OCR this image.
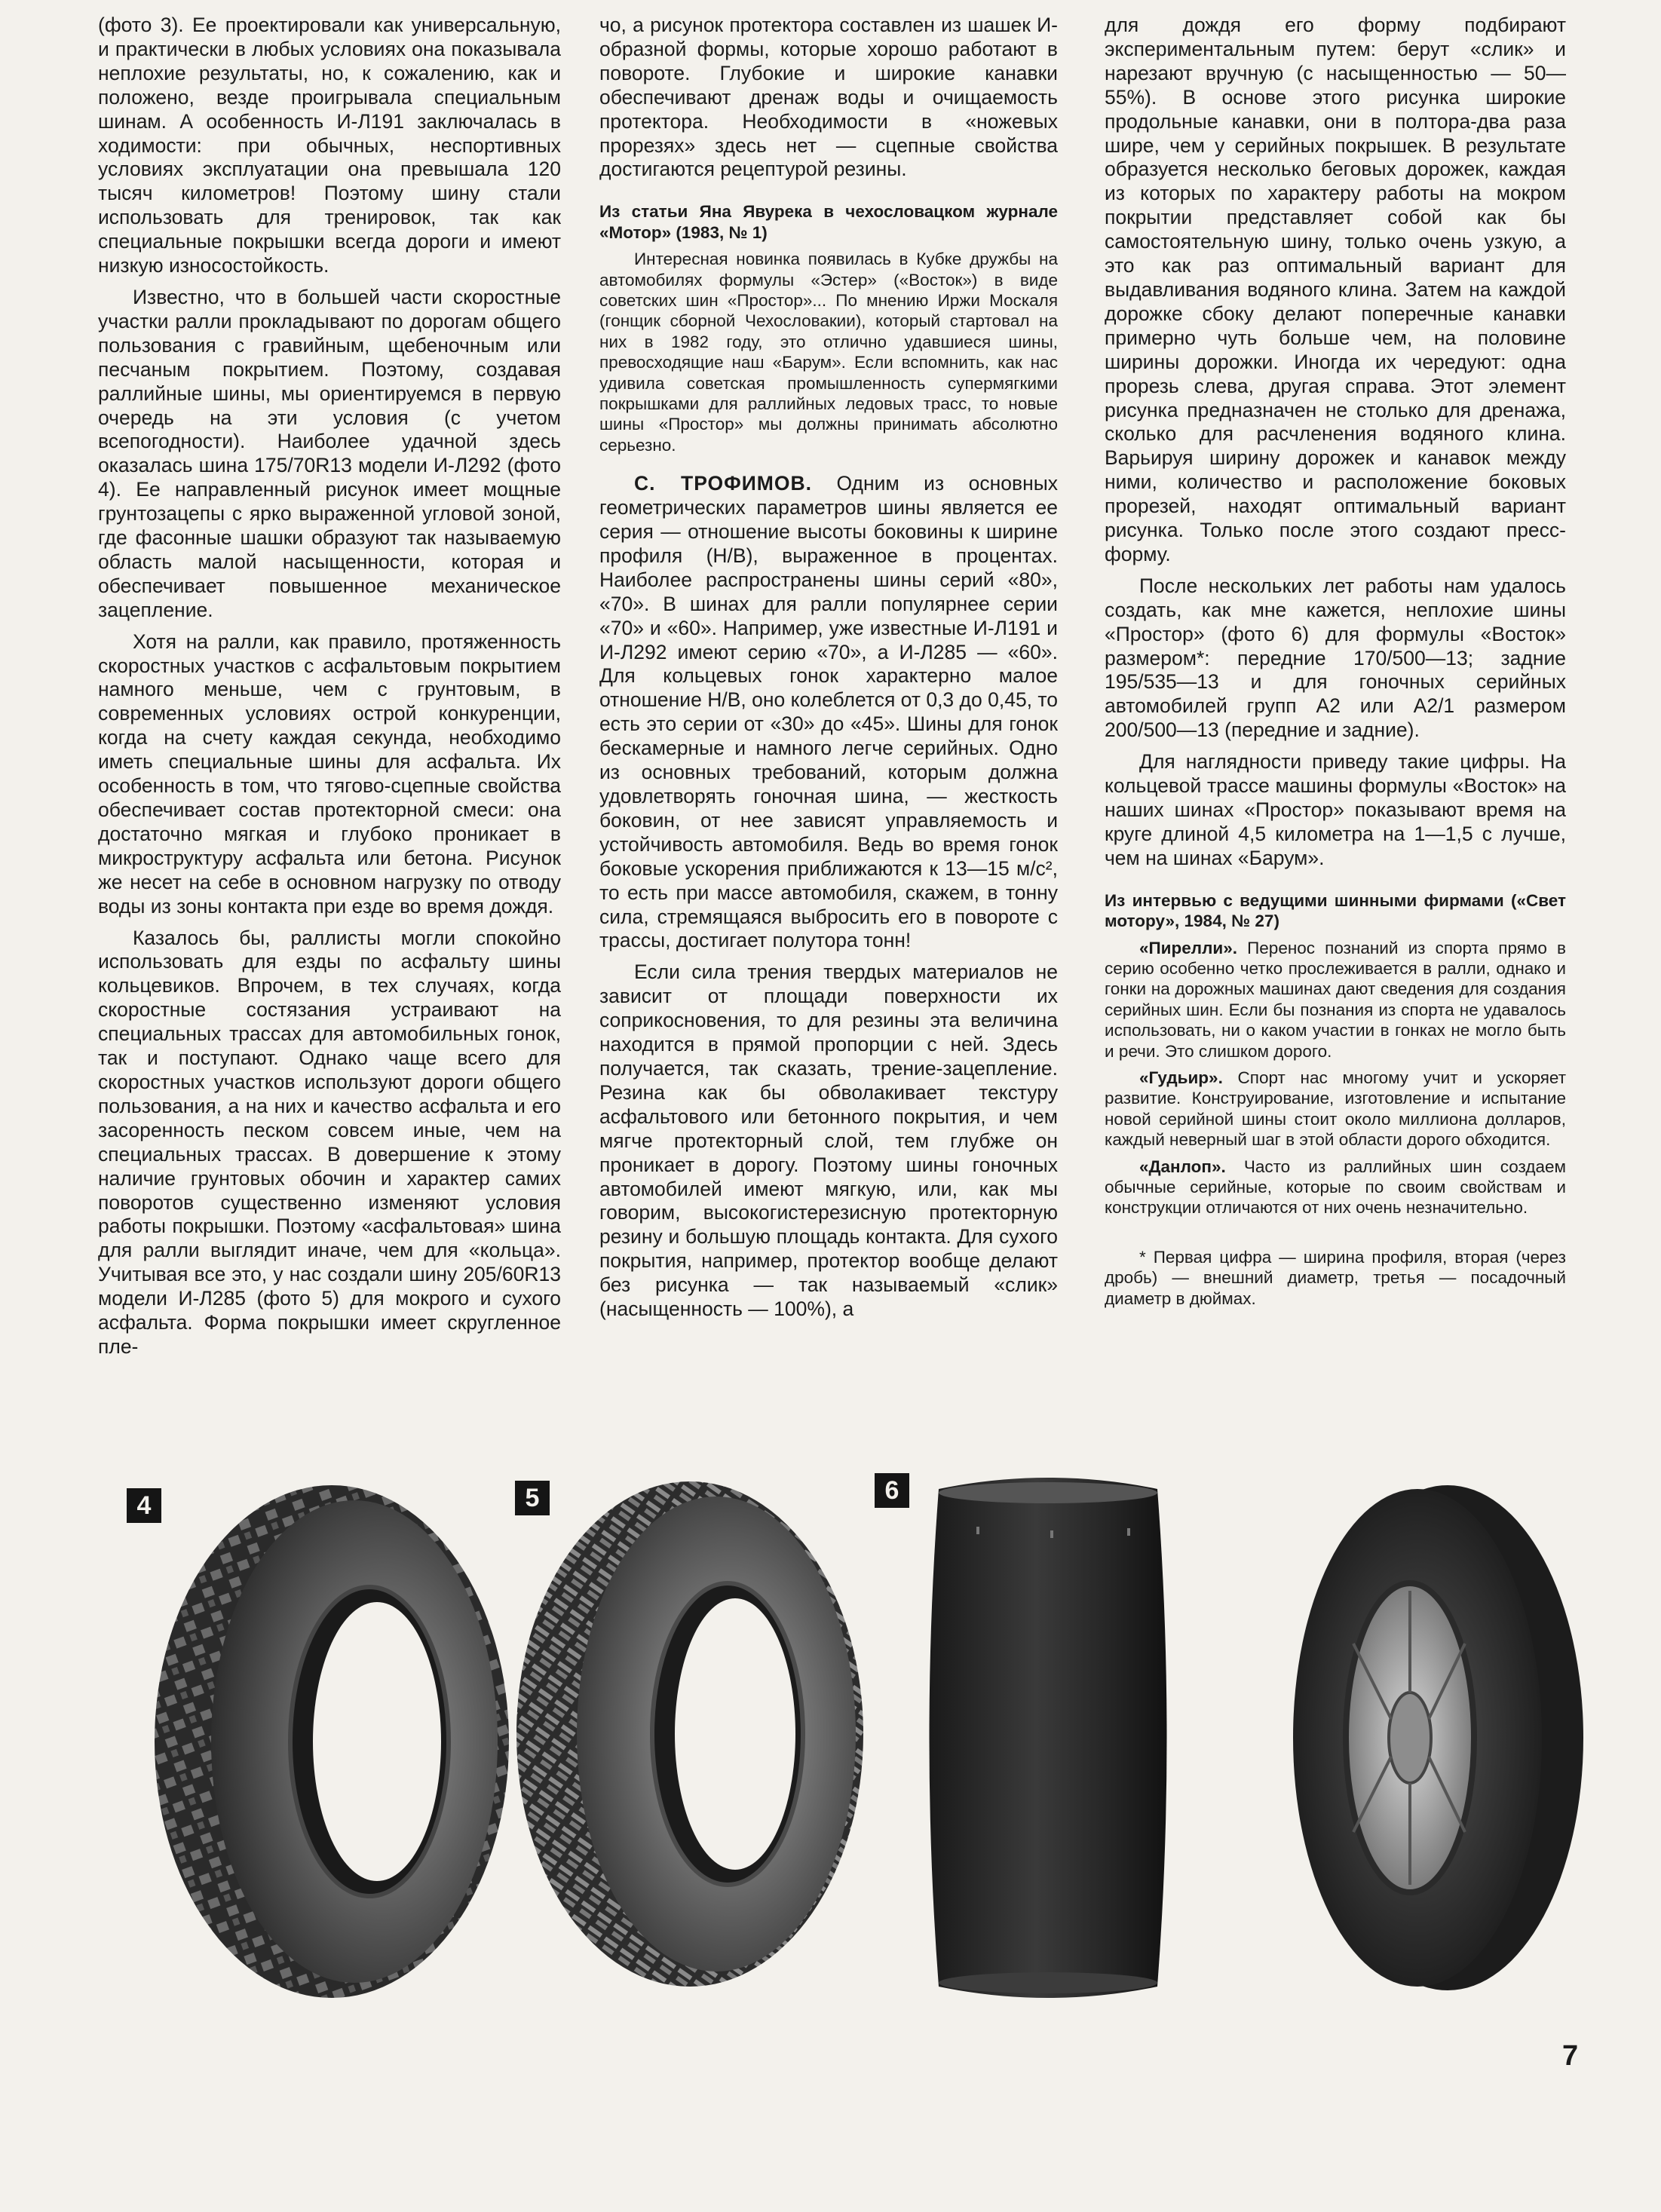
(фото 3). Ее проектировали как универсальную, и практически в любых условиях она показывала неплохие результаты, но, к сожалению, как и положено, везде проигрывала специальным шинам. А особенность И-Л191 заключалась в ходимости: при обычных, неспортивных условиях эксплуатации она превышала 120 тысяч километров! Поэтому шину стали использовать для тренировок, так как специальные покрышки всегда дороги и имеют низкую износостойкость.

Известно, что в большей части скоростные участки ралли прокладывают по дорогам общего пользования с гравийным, щебеночным или песчаным покрытием. Поэтому, создавая раллийные шины, мы ориентируемся в первую очередь на эти условия (с учетом всепогодности). Наиболее удачной здесь оказалась шина 175/70R13 модели И-Л292 (фото 4). Ее направленный рисунок имеет мощные грунтозацепы с ярко выраженной угловой зоной, где фасонные шашки образуют так называемую область малой насыщенности, которая и обеспечивает повышенное механическое зацепление.

Хотя на ралли, как правило, протяженность скоростных участков с асфальтовым покрытием намного меньше, чем с грунтовым, в современных условиях острой конкуренции, когда на счету каждая секунда, необходимо иметь специальные шины для асфальта. Их особенность в том, что тягово-сцепные свойства обеспечивает состав протекторной смеси: она достаточно мягкая и глубоко проникает в микроструктуру асфальта или бетона. Рисунок же несет на себе в основном нагрузку по отводу воды из зоны контакта при езде во время дождя.

Казалось бы, раллисты могли спокойно использовать для езды по асфальту шины кольцевиков. Впрочем, в тех случаях, когда скоростные состязания устраивают на специальных трассах для автомобильных гонок, так и поступают. Однако чаще всего для скоростных участков используют дороги общего пользования, а на них и качество асфальта и его засоренность песком совсем иные, чем на специальных трассах. В довершение к этому наличие грунтовых обочин и характер самих поворотов существенно изменяют условия работы покрышки. Поэтому «асфальтовая» шина для ралли выглядит иначе, чем для «кольца». Учитывая все это, у нас создали шину 205/60R13 модели И-Л285 (фото 5) для мокрого и сухого асфальта. Форма покрышки имеет скругленное пле-

чо, а рисунок протектора составлен из шашек И-образной формы, которые хорошо работают в повороте. Глубокие и широкие канавки обеспечивают дренаж воды и очищаемость протектора. Необходимости в «ножевых прорезях» здесь нет — сцепные свойства достигаются рецептурой резины.

Из статьи Яна Явурека в чехословацком журнале «Мотор» (1983, № 1)

Интересная новинка появилась в Кубке дружбы на автомобилях формулы «Эстер» («Восток») в виде советских шин «Простор»... По мнению Иржи Москаля (гонщик сборной Чехословакии), который стартовал на них в 1982 году, это отлично удавшиеся шины, превосходящие наш «Барум». Если вспомнить, как нас удивила советская промышленность супермягкими покрышками для раллийных ледовых трасс, то новые шины «Простор» мы должны принимать абсолютно серьезно.

С. ТРОФИМОВ. Одним из основных геометрических параметров шины является ее серия — отношение высоты боковины к ширине профиля (H/B), выраженное в процентах. Наиболее распространены шины серий «80», «70». В шинах для ралли популярнее серии «70» и «60». Например, уже известные И-Л191 и И-Л292 имеют серию «70», а И-Л285 — «60». Для кольцевых гонок характерно малое отношение H/B, оно колеблется от 0,3 до 0,45, то есть это серии от «30» до «45». Шины для гонок бескамерные и намного легче серийных. Одно из основных требований, которым должна удовлетворять гоночная шина, — жесткость боковин, от нее зависят управляемость и устойчивость автомобиля. Ведь во время гонок боковые ускорения приближаются к 13—15 м/с², то есть при массе автомобиля, скажем, в тонну сила, стремящаяся выбросить его в повороте с трассы, достигает полутора тонн!

Если сила трения твердых материалов не зависит от площади поверхности их соприкосновения, то для резины эта величина находится в прямой пропорции с ней. Здесь получается, так сказать, трение-зацепление. Резина как бы обволакивает текстуру асфальтового или бетонного покрытия, и чем мягче протекторный слой, тем глубже он проникает в дорогу. Поэтому шины гоночных автомобилей имеют мягкую, или, как мы говорим, высокогистерезисную протекторную резину и большую площадь контакта. Для сухого покрытия, например, протектор вообще делают без рисунка — так называемый «слик» (насыщенность — 100%), а

для дождя его форму подбирают экспериментальным путем: берут «слик» и нарезают вручную (с насыщенностью — 50—55%). В основе этого рисунка широкие продольные канавки, они в полтора-два раза шире, чем у серийных покрышек. В результате образуется несколько беговых дорожек, каждая из которых по характеру работы на мокром покрытии представляет собой как бы самостоятельную шину, только очень узкую, а это как раз оптимальный вариант для выдавливания водяного клина. Затем на каждой дорожке сбоку делают поперечные канавки примерно чуть больше чем, на половине ширины дорожки. Иногда их чередуют: одна прорезь слева, другая справа. Этот элемент рисунка предназначен не столько для дренажа, сколько для расчленения водяного клина. Варьируя ширину дорожек и канавок между ними, количество и расположение боковых прорезей, находят оптимальный вариант рисунка. Только после этого создают пресс-форму.

После нескольких лет работы нам удалось создать, как мне кажется, неплохие шины «Простор» (фото 6) для формулы «Восток» размером*: передние 170/500—13; задние 195/535—13 и для гоночных серийных автомобилей групп А2 или А2/1 размером 200/500—13 (передние и задние).

Для наглядности приведу такие цифры. На кольцевой трассе машины формулы «Восток» на наших шинах «Простор» показывают время на круге длиной 4,5 километра на 1—1,5 с лучше, чем на шинах «Барум».

Из интервью с ведущими шинными фирмами («Свет мотору», 1984, № 27)

«Пирелли». Перенос познаний из спорта прямо в серию особенно четко прослеживается в ралли, однако и гонки на дорожных машинах дают сведения для создания серийных шин. Если бы познания из спорта не удавалось использовать, ни о каком участии в гонках не могло быть и речи. Это слишком дорого.

«Гудьир». Спорт нас многому учит и ускоряет развитие. Конструирование, изготовление и испытание новой серийной шины стоит около миллиона долларов, каждый неверный шаг в этой области дорого обходится.

«Данлоп». Часто из раллийных шин создаем обычные серийные, которые по своим свойствам и конструкции отличаются от них очень незначительно.

* Первая цифра — ширина профиля, вторая (через дробь) — внешний диаметр, третья — посадочный диаметр в дюймах.

4	5	6
7
